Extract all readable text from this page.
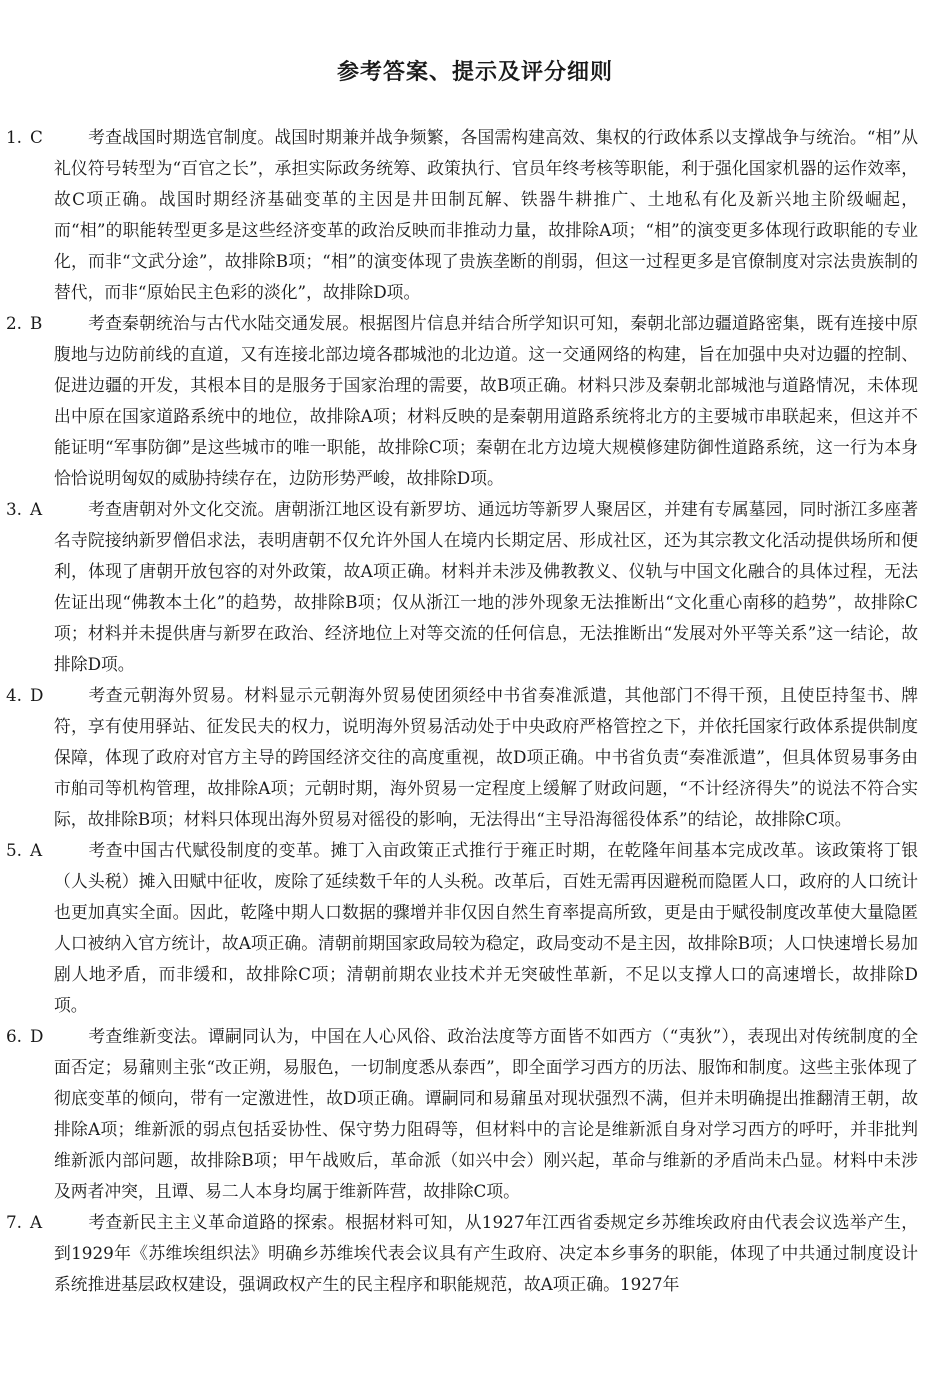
参考答案、提示及评分细则

1. C	考查战国时期选官制度。战国时期兼并战争频繁，各国需构建高效、集权的行政体系以支撑战争与统治。“相”从礼仪符号转型为“百官之长”，承担实际政务统筹、政策执行、官员年终考核等职能，利于强化国家机器的运作效率，故C项正确。战国时期经济基础变革的主因是井田制瓦解、铁器牛耕推广、土地私有化及新兴地主阶级崛起，而“相”的职能转型更多是这些经济变革的政治反映而非推动力量，故排除A项；“相”的演变更多体现行政职能的专业化，而非“文武分途”，故排除B项；“相”的演变体现了贵族垄断的削弱，但这一过程更多是官僚制度对宗法贵族制的替代，而非“原始民主色彩的淡化”，故排除D项。

2. B	考查秦朝统治与古代水陆交通发展。根据图片信息并结合所学知识可知，秦朝北部边疆道路密集，既有连接中原腹地与边防前线的直道，又有连接北部边境各郡城池的北边道。这一交通网络的构建，旨在加强中央对边疆的控制、促进边疆的开发，其根本目的是服务于国家治理的需要，故B项正确。材料只涉及秦朝北部城池与道路情况，未体现出中原在国家道路系统中的地位，故排除A项；材料反映的是秦朝用道路系统将北方的主要城市串联起来，但这并不能证明“军事防御”是这些城市的唯一职能，故排除C项；秦朝在北方边境大规模修建防御性道路系统，这一行为本身恰恰说明匈奴的威胁持续存在，边防形势严峻，故排除D项。

3. A	考查唐朝对外文化交流。唐朝浙江地区设有新罗坊、通远坊等新罗人聚居区，并建有专属墓园，同时浙江多座著名寺院接纳新罗僧侣求法，表明唐朝不仅允许外国人在境内长期定居、形成社区，还为其宗教文化活动提供场所和便利，体现了唐朝开放包容的对外政策，故A项正确。材料并未涉及佛教教义、仪轨与中国文化融合的具体过程，无法佐证出现“佛教本土化”的趋势，故排除B项；仅从浙江一地的涉外现象无法推断出“文化重心南移的趋势”，故排除C项；材料并未提供唐与新罗在政治、经济地位上对等交流的任何信息，无法推断出“发展对外平等关系”这一结论，故排除D项。

4. D	考查元朝海外贸易。材料显示元朝海外贸易使团须经中书省奏准派遣，其他部门不得干预，且使臣持玺书、牌符，享有使用驿站、征发民夫的权力，说明海外贸易活动处于中央政府严格管控之下，并依托国家行政体系提供制度保障，体现了政府对官方主导的跨国经济交往的高度重视，故D项正确。中书省负责“奏准派遣”，但具体贸易事务由市舶司等机构管理，故排除A项；元朝时期，海外贸易一定程度上缓解了财政问题，“不计经济得失”的说法不符合实际，故排除B项；材料只体现出海外贸易对徭役的影响，无法得出“主导沿海徭役体系”的结论，故排除C项。

5. A	考查中国古代赋役制度的变革。摊丁入亩政策正式推行于雍正时期，在乾隆年间基本完成改革。该政策将丁银（人头税）摊入田赋中征收，废除了延续数千年的人头税。改革后，百姓无需再因避税而隐匿人口，政府的人口统计也更加真实全面。因此，乾隆中期人口数据的骤增并非仅因自然生育率提高所致，更是由于赋役制度改革使大量隐匿人口被纳入官方统计，故A项正确。清朝前期国家政局较为稳定，政局变动不是主因，故排除B项；人口快速增长易加剧人地矛盾，而非缓和，故排除C项；清朝前期农业技术并无突破性革新，不足以支撑人口的高速增长，故排除D项。

6. D	考查维新变法。谭嗣同认为，中国在人心风俗、政治法度等方面皆不如西方（“夷狄”），表现出对传统制度的全面否定；易鼐则主张“改正朔，易服色，一切制度悉从泰西”，即全面学习西方的历法、服饰和制度。这些主张体现了彻底变革的倾向，带有一定激进性，故D项正确。谭嗣同和易鼐虽对现状强烈不满，但并未明确提出推翻清王朝，故排除A项；维新派的弱点包括妥协性、保守势力阻碍等，但材料中的言论是维新派自身对学习西方的呼吁，并非批判维新派内部问题，故排除B项；甲午战败后，革命派（如兴中会）刚兴起，革命与维新的矛盾尚未凸显。材料中未涉及两者冲突，且谭、易二人本身均属于维新阵营，故排除C项。

7. A	考查新民主主义革命道路的探索。根据材料可知，从1927年江西省委规定乡苏维埃政府由代表会议选举产生，到1929年《苏维埃组织法》明确乡苏维埃代表会议具有产生政府、决定本乡事务的职能，体现了中共通过制度设计系统推进基层政权建设，强调政权产生的民主程序和职能规范，故A项正确。1927年
